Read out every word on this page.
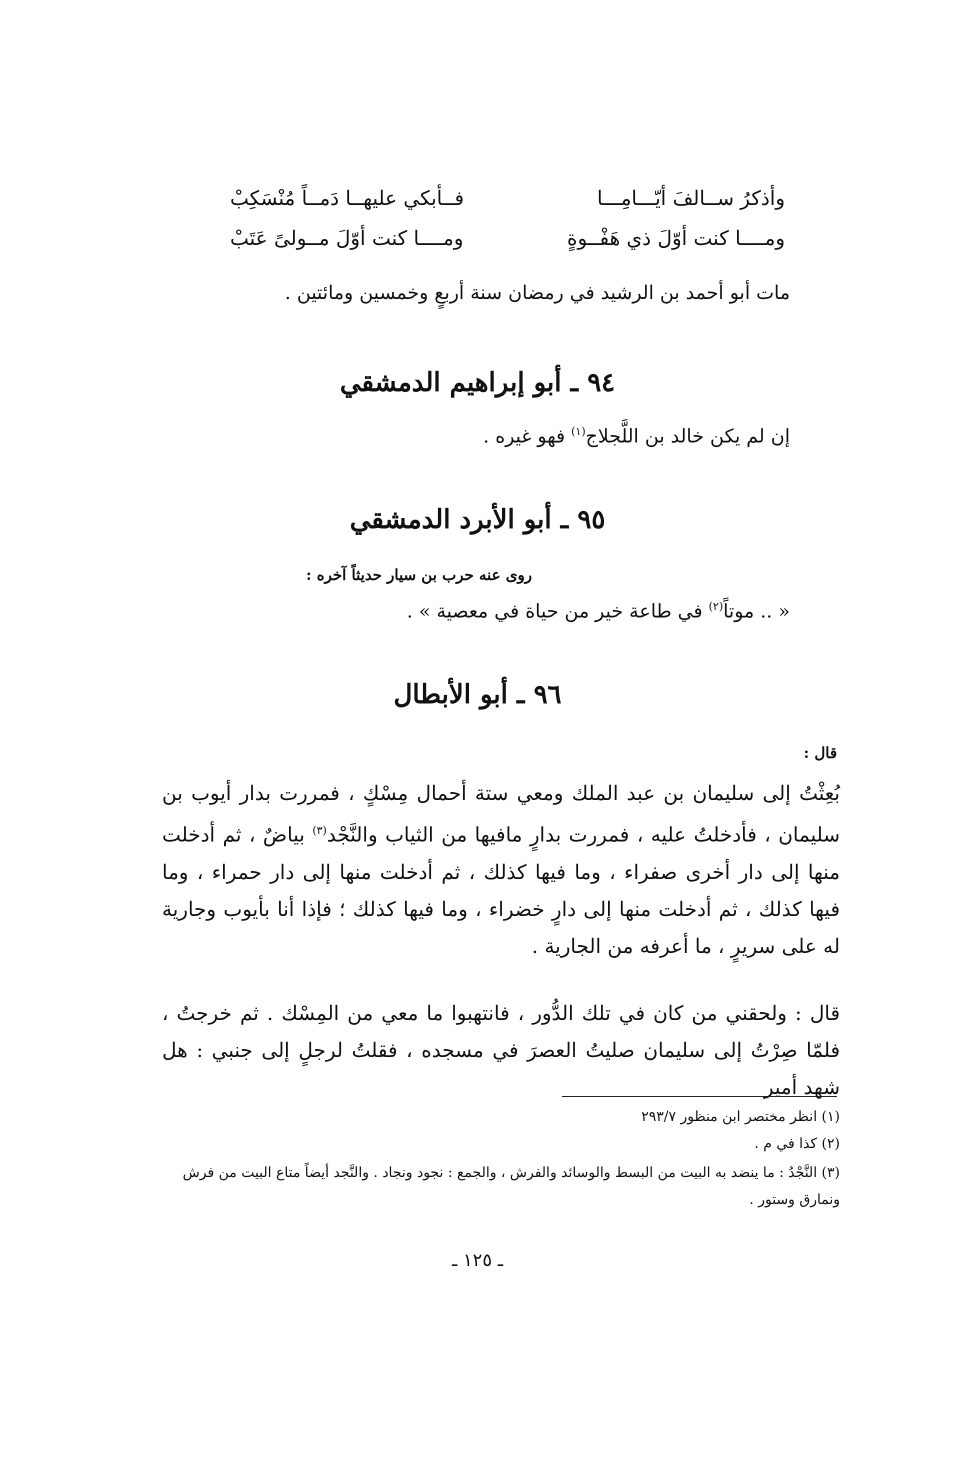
وأذكرُ ســالفَ أيّـــامِـــا
فــأبكي عليهــا دَمــاً مُنْسَكِبْ
ومــــا كنت أوّلَ ذي هَفْــوةٍ
ومــــا كنت أوّلَ مــولىً عَتَبْ
مات أبو أحمد بن الرشيد في رمضان سنة أربعٍ وخمسين ومائتين .
٩٤ ـ أبو إبراهيم الدمشقي
إن لم يكن خالد بن اللَّجلاج$^{(١)}$ فهو غيره .
٩٥ ـ أبو الأبرد الدمشقي
روى عنه حرب بن سيار حديثاً آخره :
« .. موتاً$^{(٢)}$ في طاعة خير من حياة في معصية » .
٩٦ ـ أبو الأبطال
قال :
بُعِثْتُ إلى سليمان بن عبد الملك ومعي ستة أحمال مِسْكٍ ، فمررت بدار أيوب بن سليمان ، فأدخلتُ عليه ، فمررت بدارٍ مافيها من الثياب والنَّجْد$^{(٣)}$ بياضٌ ، ثم أدخلت منها إلى دار أخرى صفراء ، وما فيها كذلك ، ثم أدخلت منها إلى دار حمراء ، وما فيها كذلك ، ثم أدخلت منها إلى دارٍ خضراء ، وما فيها كذلك ؛ فإذا أنا بأيوب وجارية له على سريرٍ ، ما أعرفه من الجارية .
قال : ولحقني من كان في تلك الدُّور ، فانتهبوا ما معي من المِسْك . ثم خرجتُ ، فلمّا صِرْتُ إلى سليمان صليتُ العصرَ في مسجده ، فقلتُ لرجلٍ إلى جنبي : هل شهد أمير
(١) انظر مختصر ابن منظور ٢٩٣/٧
(٢) كذا في م .
(٣) النَّجْدُ : ما ينضد به البيت من البسط والوسائد والفرش ، والجمع : نجود ونجاد . والنَّجد أيضاً متاع البيت من فرش ونمارق وستور .
ـ ١٢٥ ـ
